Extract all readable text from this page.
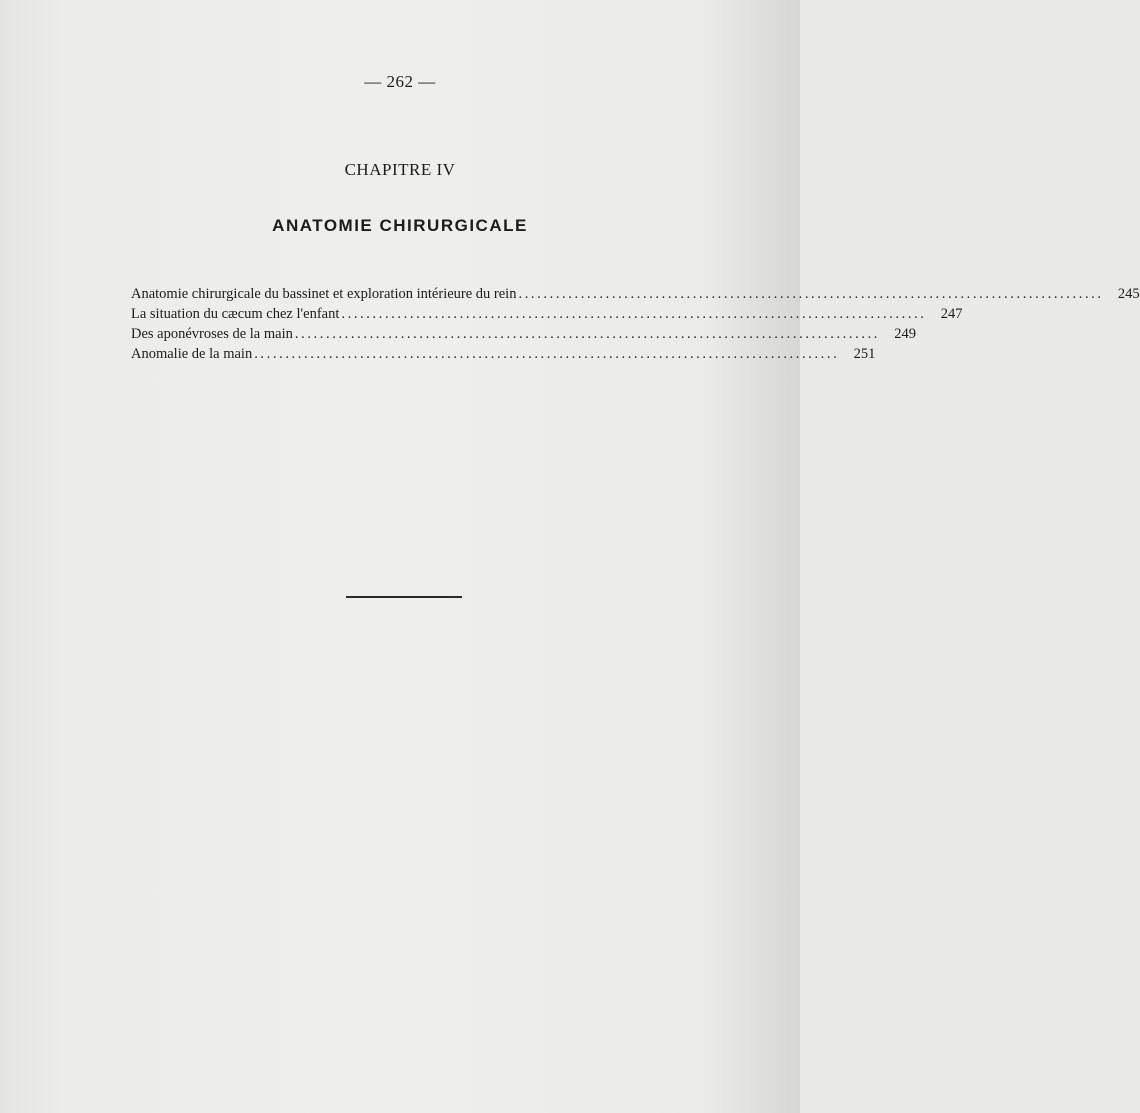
— 262 —
CHAPITRE IV
ANATOMIE CHIRURGICALE
Anatomie chirurgicale du bassinet et exploration intérieure du rein .............................................................................................. 245
La situation du cæcum chez l'enfant .............................................................................................. 247
Des aponévroses de la main .............................................................................................. 249
Anomalie de la main .............................................................................................. 251
